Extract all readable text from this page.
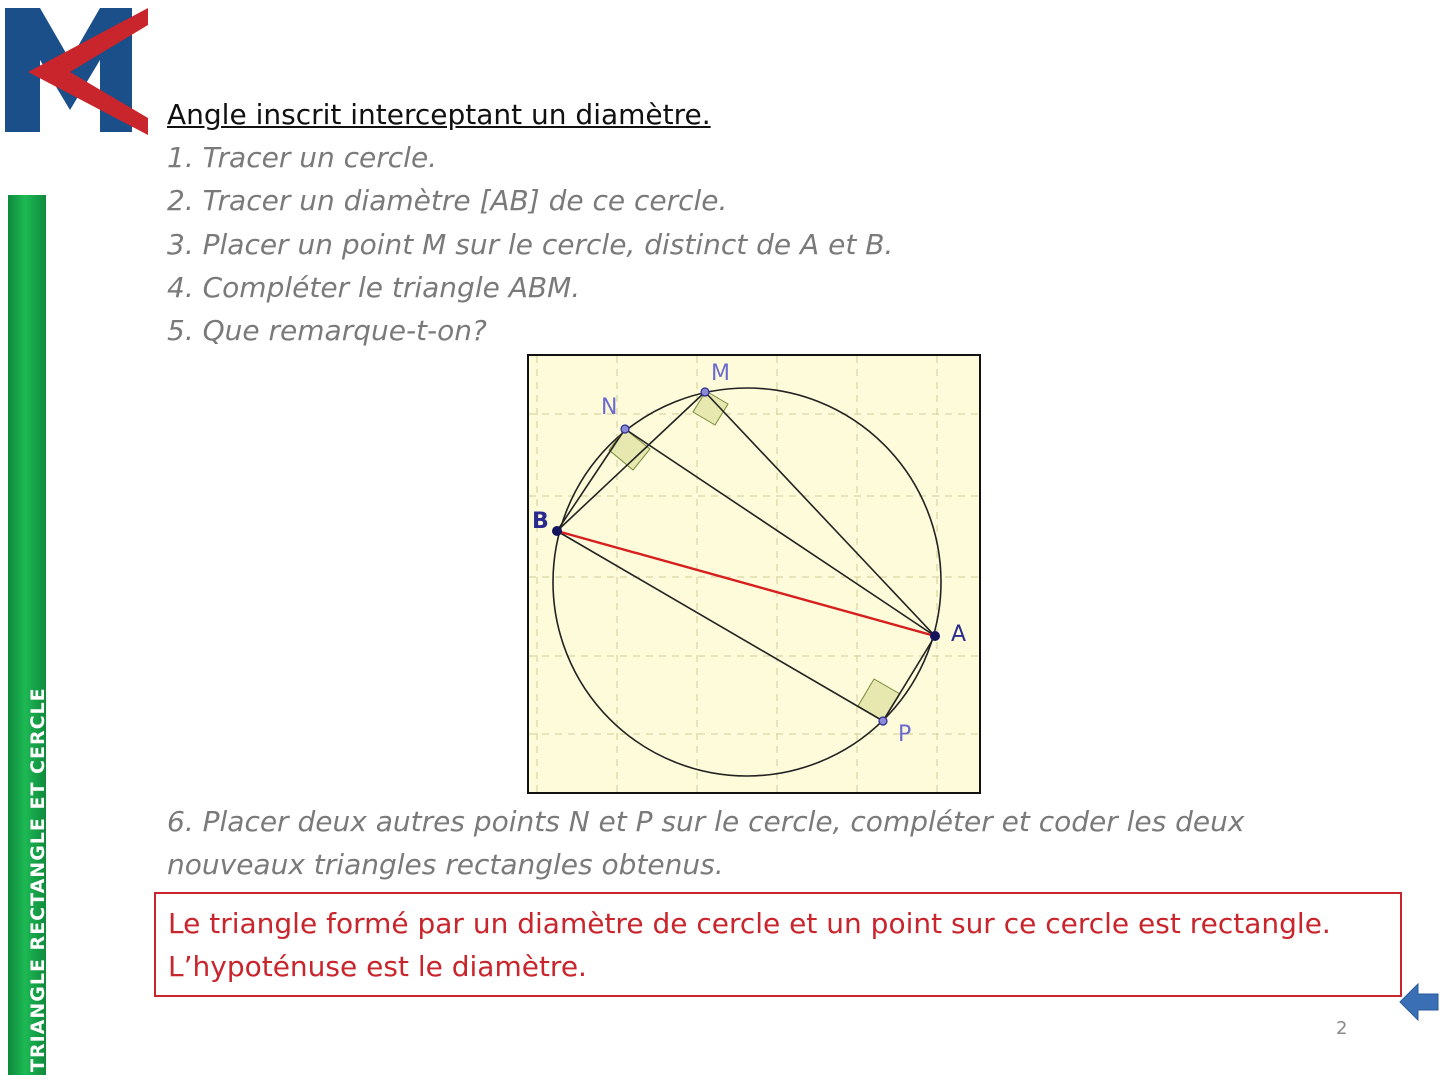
TRIANGLE RECTANGLE ET CERCLE
Angle inscrit interceptant un diamètre.
1. Tracer un cercle.
2. Tracer un diamètre [AB] de ce cercle.
3. Placer un point M sur le cercle, distinct de A et B.
4. Compléter le triangle ABM.
5. Que remarque-t-on?
M
N
B
A
P
6. Placer deux autres points N et P sur le cercle, compléter et coder les deux nouveaux triangles rectangles obtenus.
Le triangle formé par un diamètre de cercle et un point sur ce cercle est rectangle.
L’hypoténuse est le diamètre.
2
